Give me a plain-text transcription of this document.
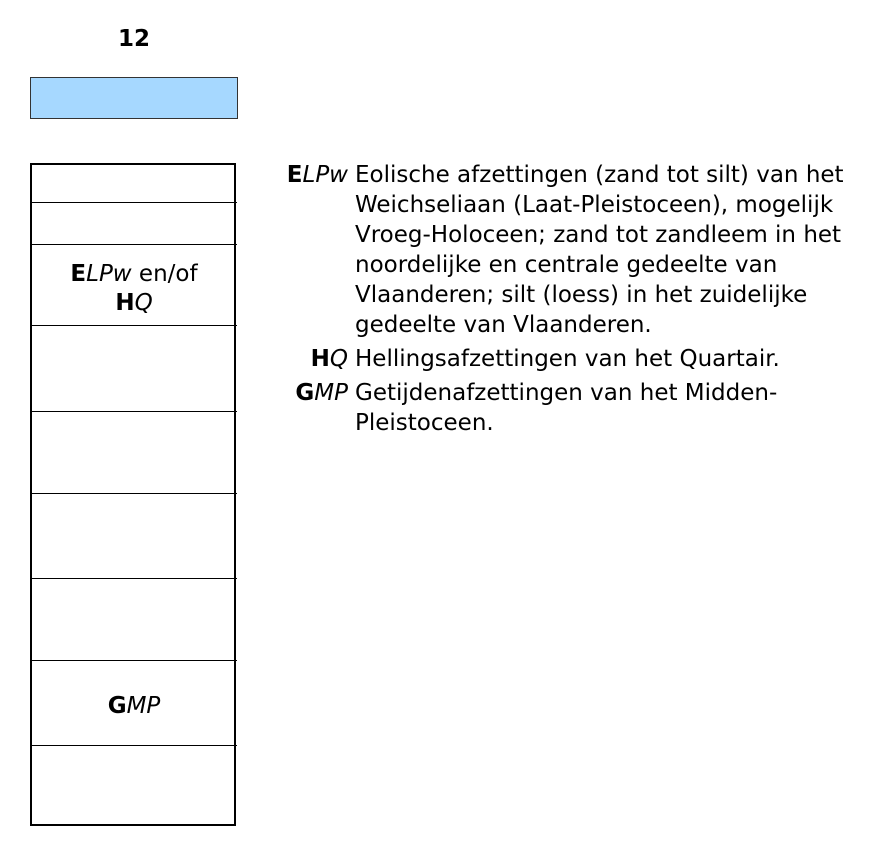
12
ELPw en/of
HQ
GMP
ELPw Eolische afzettingen (zand tot silt) van het Weichseliaan (Laat-Pleistoceen), mogelijk Vroeg-Holoceen; zand tot zandleem in het noordelijke en centrale gedeelte van Vlaanderen; silt (loess) in het zuidelijke gedeelte van Vlaanderen.
HQ Hellingsafzettingen van het Quartair.
GMP Getijdenafzettingen van het Midden-Pleistoceen.
